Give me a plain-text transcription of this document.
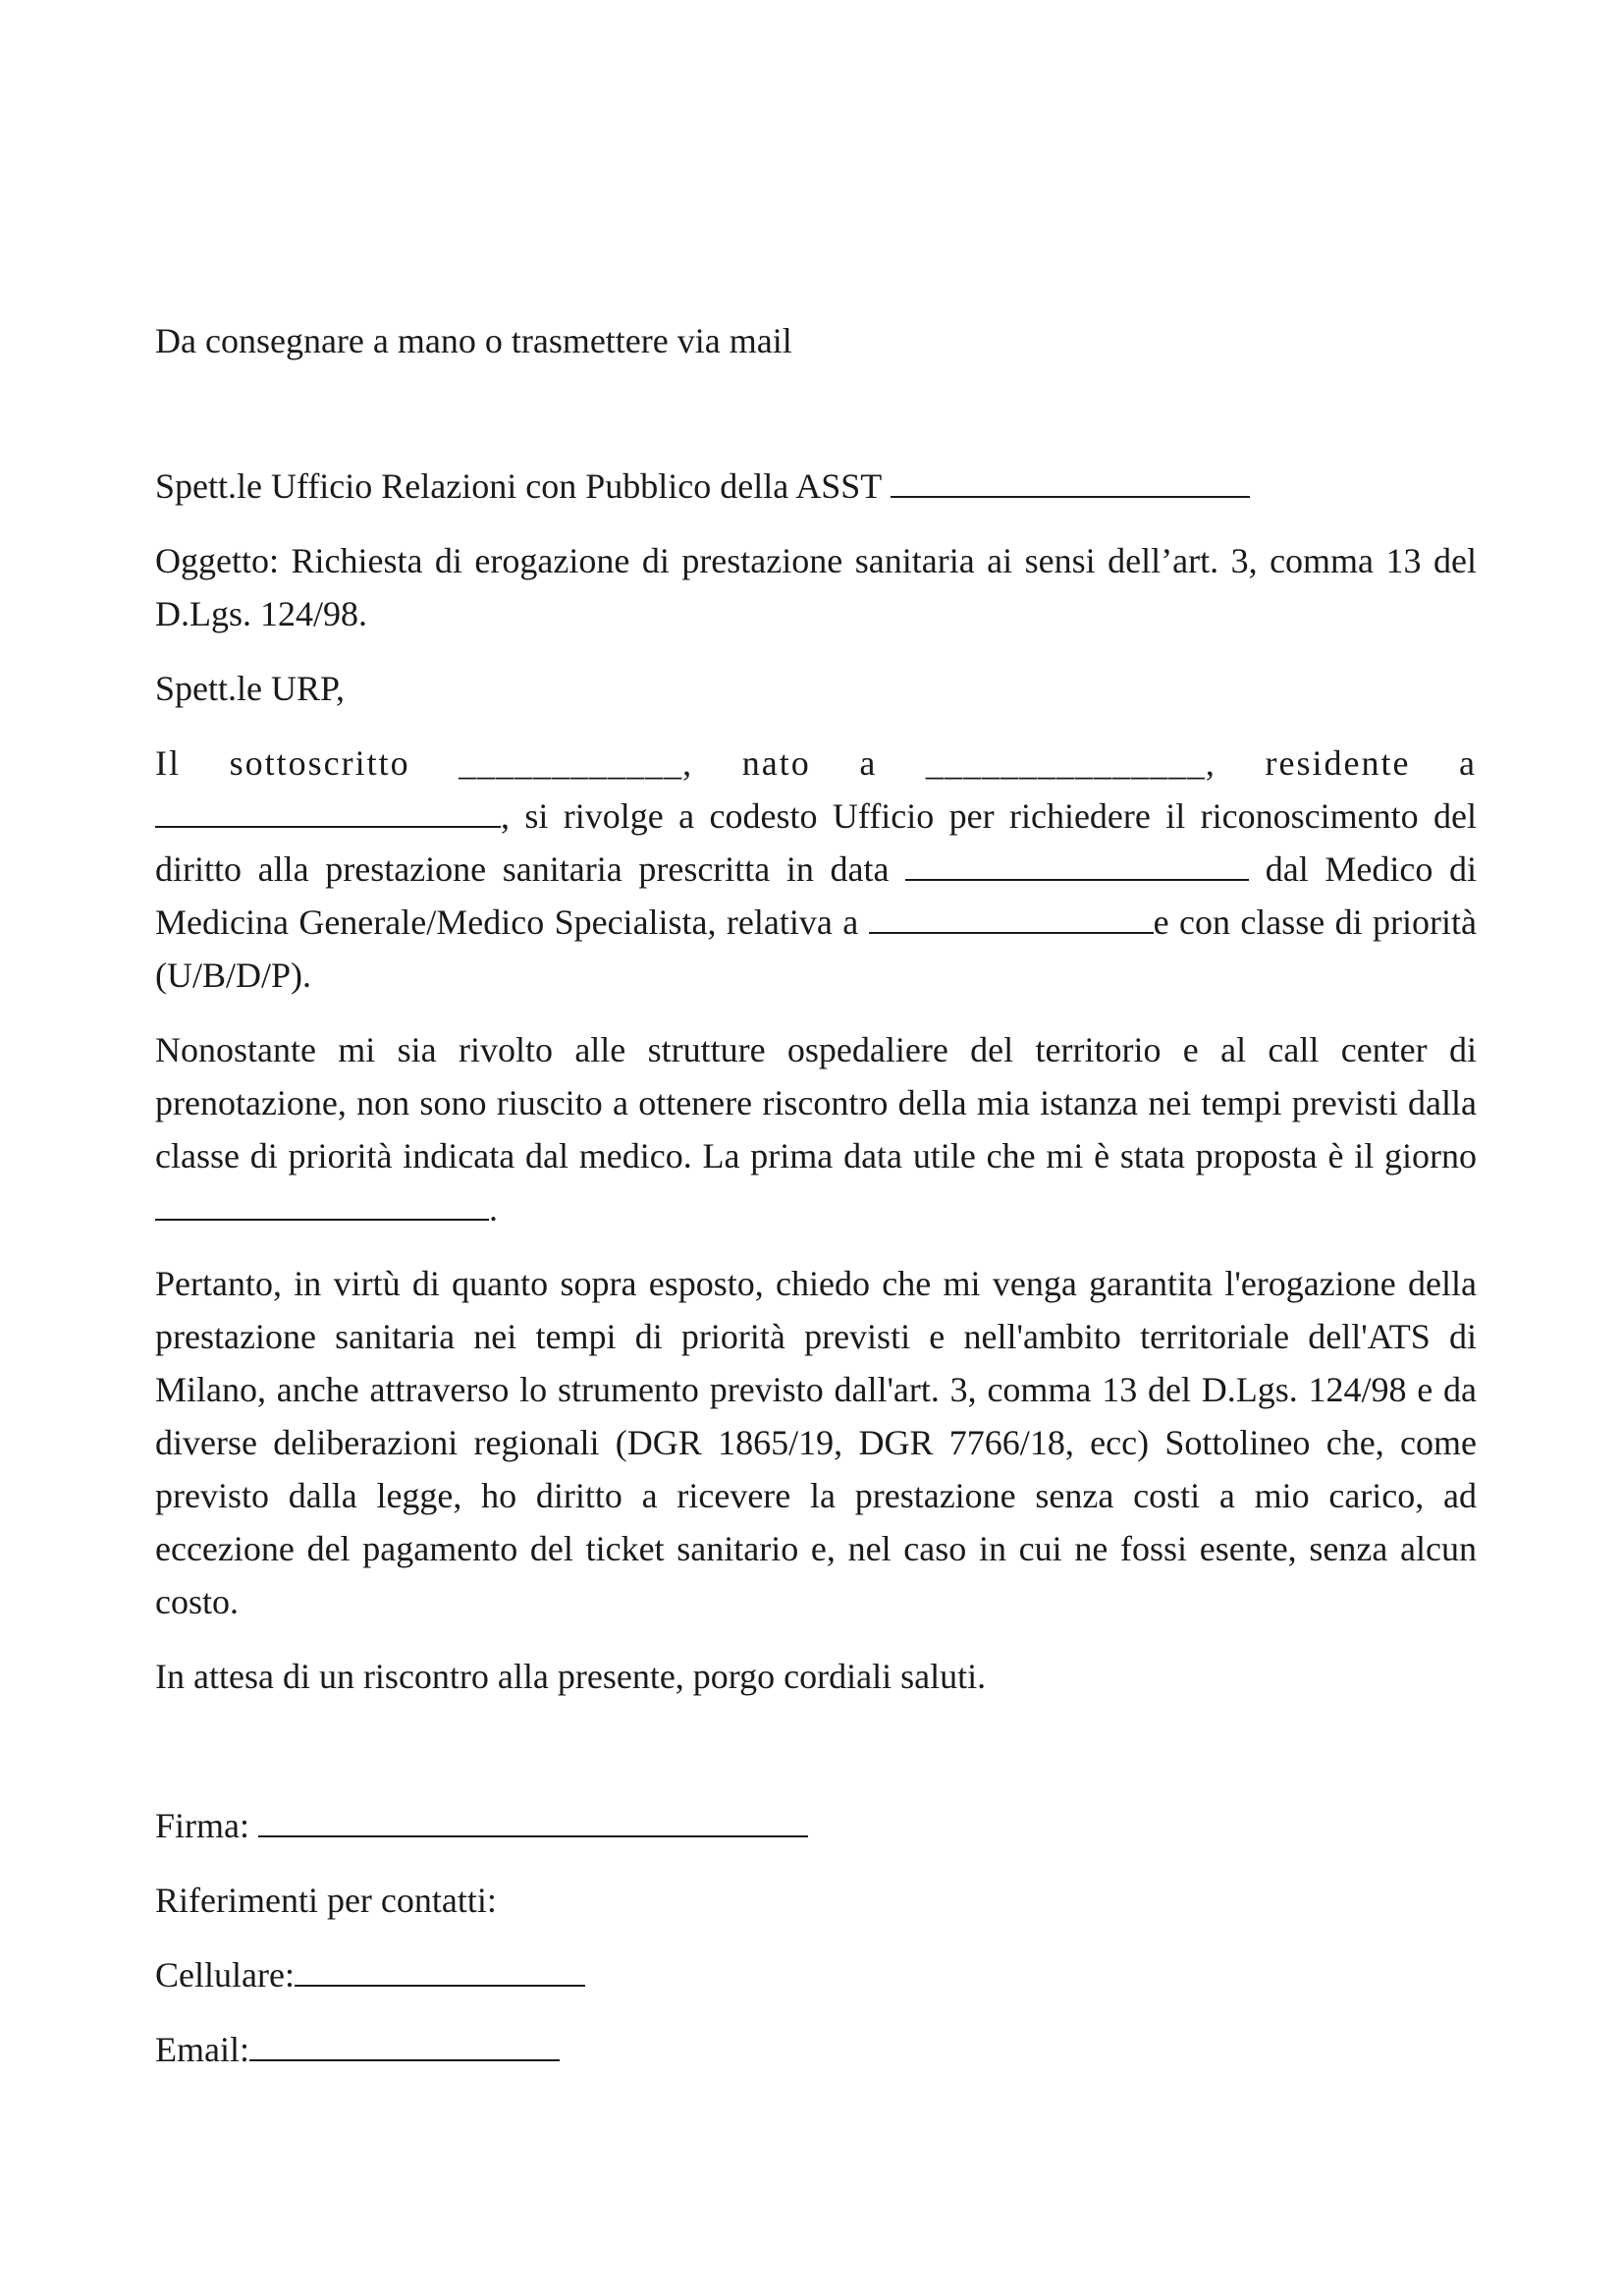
Da consegnare a mano o trasmettere via mail

Spett.le Ufficio Relazioni con Pubblico della ASST

Oggetto: Richiesta di erogazione di prestazione sanitaria ai sensi dell’art. 3, comma 13 del D.Lgs. 124/98.

Spett.le URP,

Il sottoscritto ____________, nato a _______________, residente a , si rivolge a codesto Ufficio per richiedere il riconoscimento del diritto alla prestazione sanitaria prescritta in data	dal Medico di Medicina Generale/Medico Specialista, relativa a	e con classe di priorità (U/B/D/P).

Nonostante mi sia rivolto alle strutture ospedaliere del territorio e al call center di prenotazione, non sono riuscito a ottenere riscontro della mia istanza nei tempi previsti dalla classe di priorità indicata dal medico. La prima data utile che mi è stata proposta è il giorno.

Pertanto, in virtù di quanto sopra esposto, chiedo che mi venga garantita l'erogazione della prestazione sanitaria nei tempi di priorità previsti e nell'ambito territoriale dell'ATS di Milano, anche attraverso lo strumento previsto dall'art. 3, comma 13 del D.Lgs. 124/98 e da diverse deliberazioni regionali (DGR 1865/19, DGR 7766/18, ecc) Sottolineo che, come previsto dalla legge, ho diritto a ricevere la prestazione senza costi a mio carico, ad eccezione del pagamento del ticket sanitario e, nel caso in cui ne fossi esente, senza alcun costo.

In attesa di un riscontro alla presente, porgo cordiali saluti.

Firma:

Riferimenti per contatti:

Cellulare:

Email:
